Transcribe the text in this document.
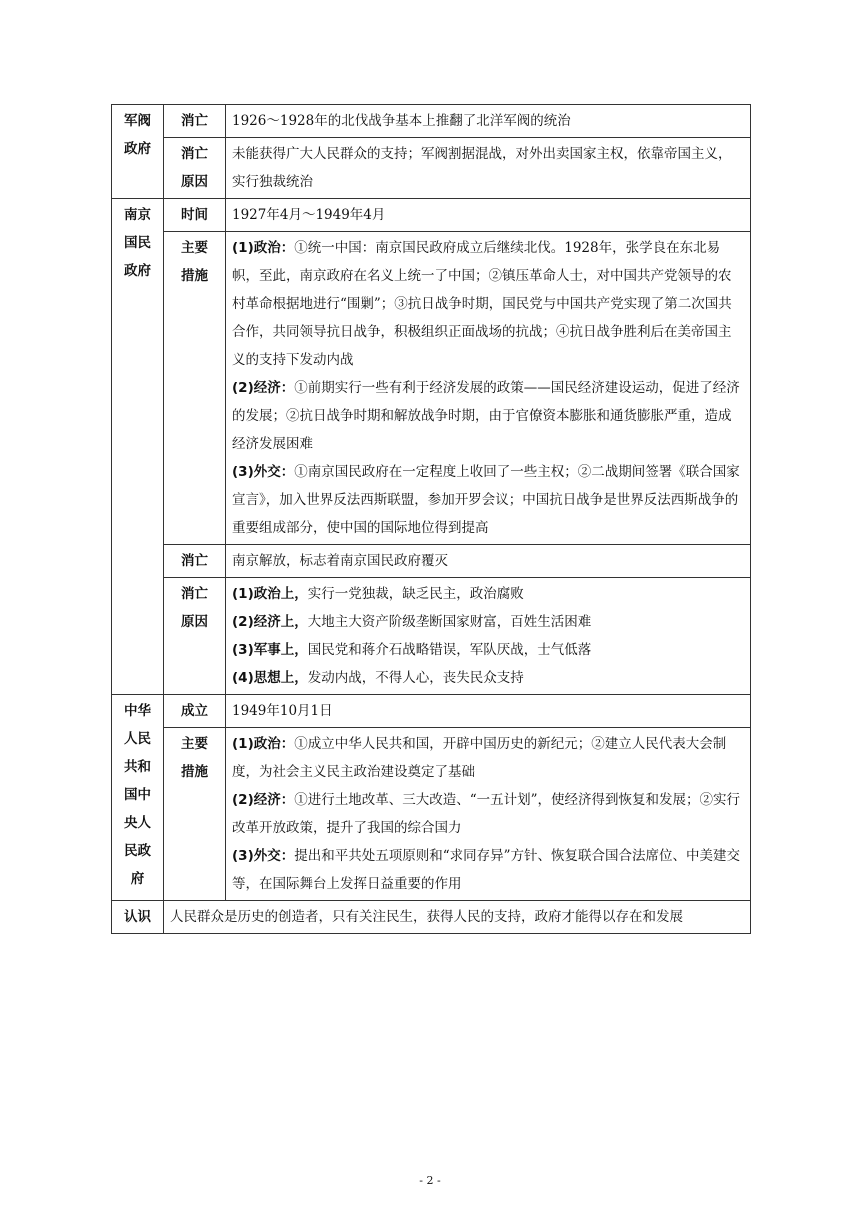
军阀政府	消亡	1926～1928年的北伐战争基本上推翻了北洋军阀的统治

	消亡原因	未能获得广大人民群众的支持；军阀割据混战，对外出卖国家主权，依靠帝国主义，实行独裁统治

南京国民政府	时间	1927年4月～1949年4月

	主要措施	(1)政治：①统一中国：南京国民政府成立后继续北伐。1928年，张学良在东北易帜，至此，南京政府在名义上统一了中国；②镇压革命人士，对中国共产党领导的农村革命根据地进行“围剿”；③抗日战争时期，国民党与中国共产党实现了第二次国共合作，共同领导抗日战争，积极组织正面战场的抗战；④抗日战争胜利后在美帝国主义的支持下发动内战
(2)经济：①前期实行一些有利于经济发展的政策——国民经济建设运动，促进了经济的发展；②抗日战争时期和解放战争时期，由于官僚资本膨胀和通货膨胀严重，造成经济发展困难
(3)外交：①南京国民政府在一定程度上收回了一些主权；②二战期间签署《联合国家宣言》，加入世界反法西斯联盟，参加开罗会议；中国抗日战争是世界反法西斯战争的重要组成部分，使中国的国际地位得到提高

	消亡	南京解放，标志着南京国民政府覆灭

	消亡原因	(1)政治上，实行一党独裁，缺乏民主，政治腐败
(2)经济上，大地主大资产阶级垄断国家财富，百姓生活困难
(3)军事上，国民党和蒋介石战略错误，军队厌战，士气低落
(4)思想上，发动内战，不得人心，丧失民众支持

中华人民共和国中央人民政府	成立	1949年10月1日

	主要措施	(1)政治：①成立中华人民共和国，开辟中国历史的新纪元；②建立人民代表大会制度，为社会主义民主政治建设奠定了基础
(2)经济：①进行土地改革、三大改造、“一五计划”，使经济得到恢复和发展；②实行改革开放政策，提升了我国的综合国力
(3)外交：提出和平共处五项原则和“求同存异”方针、恢复联合国合法席位、中美建交等，在国际舞台上发挥日益重要的作用

认识	人民群众是历史的创造者，只有关注民生，获得人民的支持，政府才能得以存在和发展	
- 2 -
